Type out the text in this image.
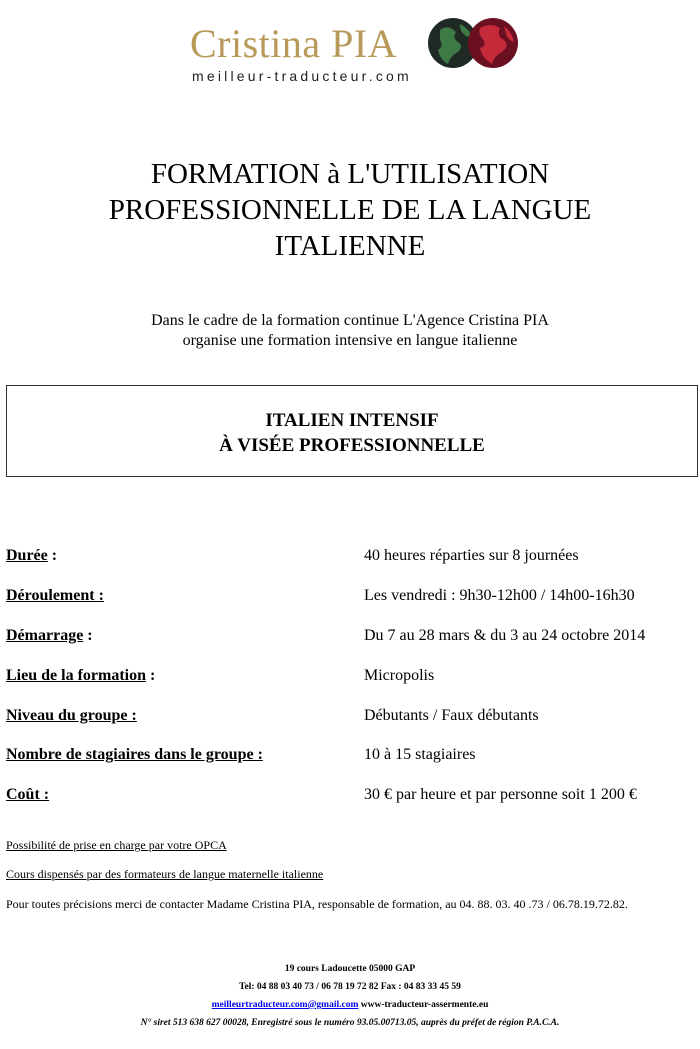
Cristina PIA
meilleur-traducteur.com
FORMATION à L'UTILISATION
PROFESSIONNELLE DE LA LANGUE
ITALIENNE
Dans le cadre de la formation continue L'Agence Cristina PIA
organise une formation intensive en langue italienne
ITALIEN INTENSIF
À VISÉE PROFESSIONNELLE
Durée :	40 heures réparties sur 8 journées
Déroulement :	Les vendredi : 9h30-12h00 / 14h00-16h30
Démarrage :	Du 7 au 28 mars & du 3 au 24 octobre 2014
Lieu de la formation :	Micropolis
Niveau du groupe :	Débutants / Faux débutants
Nombre de stagiaires dans le groupe :	10 à 15 stagiaires
Coût :	30 € par heure et par personne soit 1 200 €
Possibilité de prise en charge par votre OPCA
Cours dispensés par des formateurs de langue maternelle italienne
Pour toutes précisions merci de contacter Madame Cristina PIA, responsable de formation, au 04. 88. 03. 40 .73 / 06.78.19.72.82.
19 cours Ladoucette 05000 GAP
Tel: 04 88 03 40 73 / 06 78 19 72 82 Fax : 04 83 33 45 59
meilleurtraducteur.com@gmail.com www-traducteur-assermente.eu
N° siret 513 638 627 00028, Enregistré sous le numéro 93.05.00713.05, auprès du préfet de région P.A.C.A.
